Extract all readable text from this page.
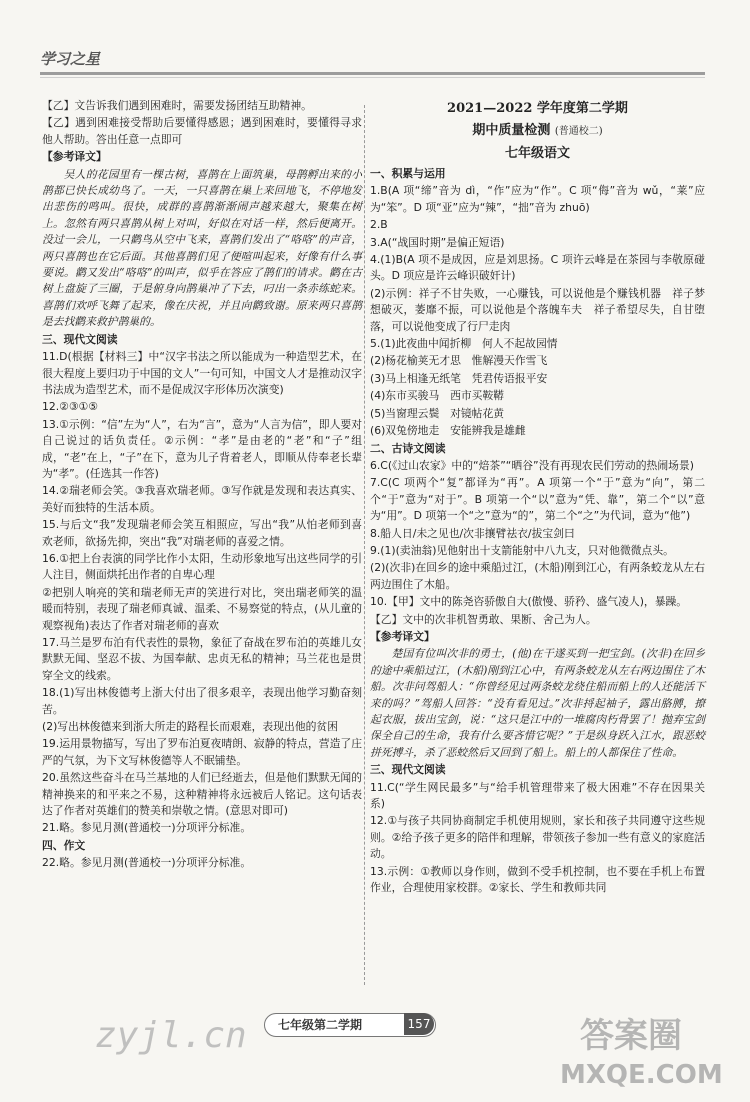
学习之星

【乙】文告诉我们遇到困难时，需要发扬团结互助精神。

【乙】遇到困难接受帮助后要懂得感恩；遇到困难时，要懂得寻求他人帮助。答出任意一点即可

【参考译文】

吴人的花园里有一棵古树，喜鹊在上面筑巢，母鹊孵出来的小鹊都已快长成幼鸟了。一天，一只喜鹊在巢上来回地飞，不停地发出悲伤的鸣叫。很快，成群的喜鹊渐渐闹声越来越大，聚集在树上。忽然有两只喜鹊从树上对叫，好似在对话一样，然后便离开。没过一会儿，一只鹳鸟从空中飞来，喜鹊们发出了“咯咯”的声音，两只喜鹊也在它后面。其他喜鹊们见了便喧叫起来，好像有什么事要说。鹳又发出“咯咯”的叫声，似乎在答应了鹊们的请求。鹳在古树上盘旋了三圈，于是俯身向鹊巢冲了下去，叼出一条赤练蛇来。喜鹊们欢呼飞舞了起来，像在庆祝，并且向鹳致谢。原来两只喜鹊是去找鹳来救护鹊巢的。

三、现代文阅读

11.D(根据【材料三】中“汉字书法之所以能成为一种造型艺术，在很大程度上要归功于中国的文人”一句可知，中国文人才是推动汉字书法成为造型艺术，而不是促成汉字形体历次演变)

12.②③①⑤

13.①示例：“信”左为“人”，右为“言”，意为“人言为信”，即人要对自己说过的话负责任。②示例：“孝”是由老的“老”和“子”组成，“老”在上，“子”在下，意为儿子背着老人，即顺从侍奉老长辈为“孝”。(任选其一作答)

14.②瑞老师会笑。③我喜欢瑞老师。③写作就是发现和表达真实、美好而独特的生活本质。

15.与后文“我”发现瑞老师会笑互相照应，写出“我”从怕老师到喜欢老师，欲扬先抑，突出“我”对瑞老师的喜爱之情。

16.①把上台表演的同学比作小太阳，生动形象地写出这些同学的引人注目，侧面烘托出作者的自卑心理

②把别人响亮的笑和瑞老师无声的笑进行对比，突出瑞老师笑的温暖而特别，表现了瑞老师真诚、温柔、不易察觉的特点，(从儿童的观察视角)表达了作者对瑞老师的喜欢

17.马兰是罗布泊有代表性的景物，象征了奋战在罗布泊的英雄儿女默默无闻、坚忍不拔、为国奉献、忠贞无私的精神；马兰花也是贯穿全文的线索。

18.(1)写出林俊德考上浙大付出了很多艰辛，表现出他学习勤奋刻苦。

(2)写出林俊德来到浙大所走的路程长而艰难，表现出他的贫困

19.运用景物描写，写出了罗布泊夏夜晴朗、寂静的特点，营造了庄严的气氛，为下文写林俊德等人不眠铺垫。

20.虽然这些奋斗在马兰基地的人们已经逝去，但是他们默默无闻的精神换来的和平来之不易，这种精神将永远被后人铭记。这句话表达了作者对英雄们的赞美和崇敬之情。(意思对即可)

21.略。参见月测(普通校一)分项评分标准。

四、作文

22.略。参见月测(普通校一)分项评分标准。

2021—2022 学年度第二学期
期中质量检测 (普通校二)
七年级语文

一、积累与运用

1.B(A 项“缔”音为 dì，“作”应为“作”。C 项“侮”音为 wǔ，“莱”应为“笨”。D 项“亚”应为“辣”，“拙”音为 zhuō)

2.B

3.A(“战国时期”是偏正短语)

4.(1)B(A 项不是成因，应是刘思扬。C 项许云峰是在茶园与李敬原碰头。D 项应是许云峰识破奸计)

(2)示例：祥子不甘失败，一心赚钱，可以说他是个赚钱机器　祥子梦想破灭，萎靡不振，可以说他是个落魄车夫　祥子希望尽失，自甘堕落，可以说他变成了行尸走肉

5.(1)此夜曲中闻折柳　何人不起故园情

(2)杨花榆荚无才思　惟解漫天作雪飞

(3)马上相逢无纸笔　凭君传语报平安

(4)东市买骏马　西市买鞍鞯

(5)当窗理云鬓　对镜帖花黄

(6)双兔傍地走　安能辨我是雄雌

二、古诗文阅读

6.C(《过山农家》中的“焙茶”“晒谷”没有再现农民们劳动的热闹场景)

7.C(C 项两个“复”都译为“再”。A 项第一个“于”意为“向”，第二个“于”意为“对于”。B 项第一个“以”意为“凭、靠”，第二个“以”意为“用”。D 项第一个“之”意为“的”，第二个“之”为代词，意为“他”)

8.船人日/未之见也/次非攘臂祛衣/拔宝剑曰

9.(1)(卖油翁)见他射出十支箭能射中八九支，只对他微微点头。

(2)(次非)在回乡的途中乘船过江，(木船)刚到江心，有两条蛟龙从左右两边围住了木船。

10.【甲】文中的陈尧咨骄傲自大(傲慢、骄矜、盛气凌人)，暴躁。

【乙】文中的次非机智勇敢、果断、舍己为人。

【参考译文】

楚国有位叫次非的勇士，(他)在干遂买到一把宝剑。(次非)在回乡的途中乘船过江，(木船)刚到江心中，有两条蛟龙从左右两边围住了木船。次非问驾船人：“你曾经见过两条蛟龙绕住船而船上的人还能活下来的吗？”驾船人回答：“没有看见过。”次非捋起袖子，露出胳膊，撩起衣服，拔出宝剑，说：“这只是江中的一堆腐肉朽骨罢了！抛弃宝剑保全自己的生命，我有什么要吝惜它呢？”于是纵身跃入江水，跟恶蛟拼死搏斗，杀了恶蛟然后又回到了船上。船上的人都保住了性命。

三、现代文阅读

11.C(“学生网民最多”与“给手机管理带来了极大困难”不存在因果关系)

12.①与孩子共同协商制定手机使用规则，家长和孩子共同遵守这些规则。②给予孩子更多的陪伴和理解，带领孩子参加一些有意义的家庭活动。

13.示例：①教师以身作则，做到不受手机控制，也不要在手机上布置作业，合理使用家校群。②家长、学生和教师共同

七年级第二学期	157
zyjl.cn	答案圈
MXQE.COM
